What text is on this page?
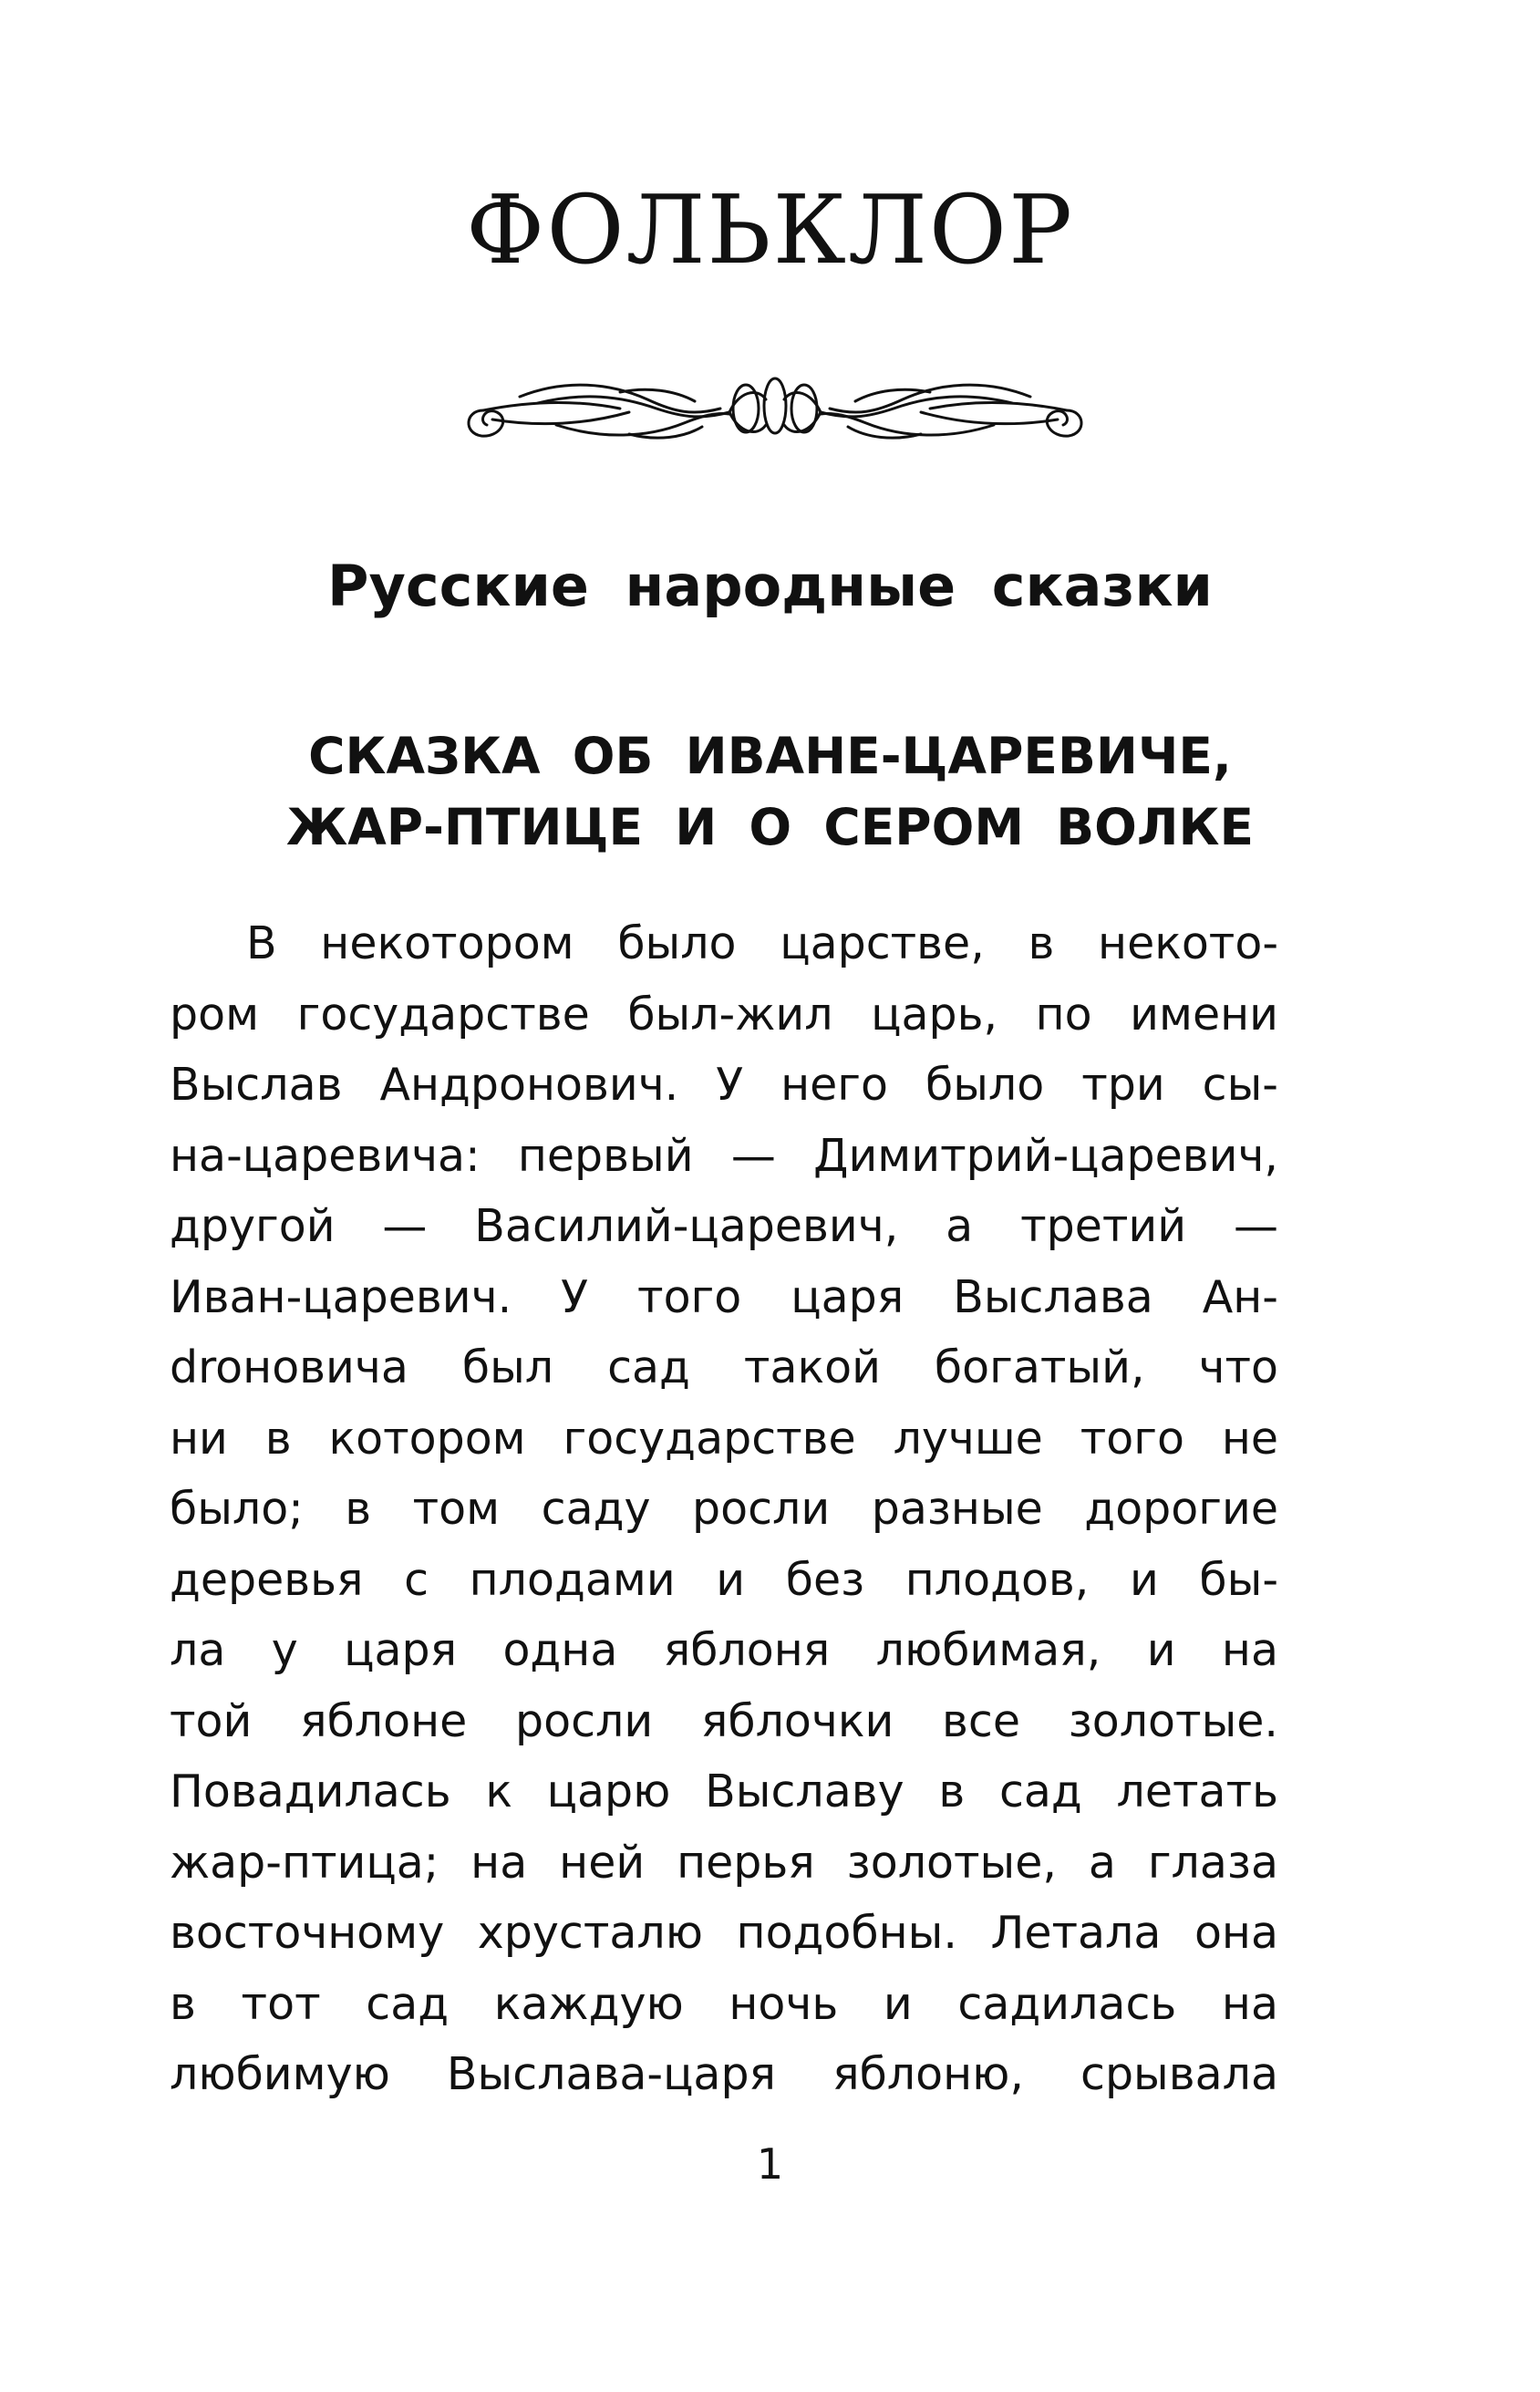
ФОЛЬКЛОР
Русские народные сказки
СКАЗКА ОБ ИВАНЕ-ЦАРЕВИЧЕ,
ЖАР-ПТИЦЕ И О СЕРОМ ВОЛКЕ
В некотором было царстве, в некото-
ром государстве был-жил царь, по имени
Выслав Андронович. У него было три сы-
на-царевича: первый — Димитрий-царевич,
другой — Василий-царевич, а третий —
Иван-царевич. У того царя Выслава Ан-
droновича был сад такой богатый, что
ни в котором государстве лучше того не
было; в том саду росли разные дорогие
деревья с плодами и без плодов, и бы-
ла у царя одна яблоня любимая, и на
той яблоне росли яблочки все золотые.
Повадилась к царю Выславу в сад летать
жар-птица; на ней перья золотые, а глаза
восточному хрусталю подобны. Летала она
в тот сад каждую ночь и садилась на
любимую Выслава-царя яблоню, срывала
1
